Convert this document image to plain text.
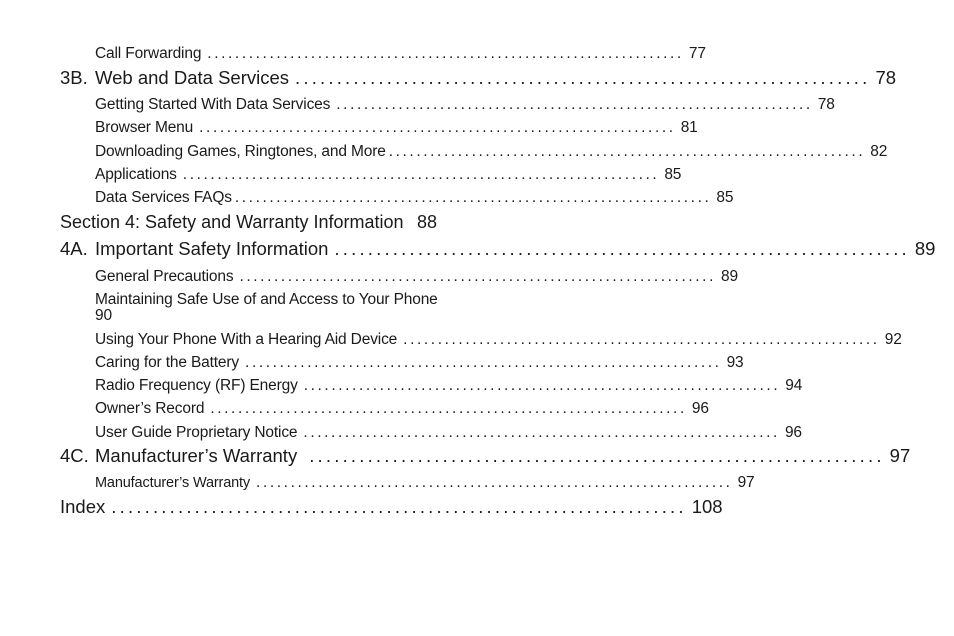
Call Forwarding ..................................................................... 77
3B. Web and Data Services ..................................................................... 78
Getting Started With Data Services ..................................................................... 78
Browser Menu ..................................................................... 81
Downloading Games, Ringtones, and More ..................................................................... 82
Applications ..................................................................... 85
Data Services FAQs ..................................................................... 85
Section 4: Safety and Warranty Information 88
4A. Important Safety Information ..................................................................... 89
General Precautions ..................................................................... 89
Maintaining Safe Use of and Access to Your Phone
90
Using Your Phone With a Hearing Aid Device ..................................................................... 92
Caring for the Battery ..................................................................... 93
Radio Frequency (RF) Energy ..................................................................... 94
Owner’s Record ..................................................................... 96
User Guide Proprietary Notice ..................................................................... 96
4C. Manufacturer’s Warranty ..................................................................... 97
Manufacturer’s Warranty ..................................................................... 97
Index ..................................................................... 108
